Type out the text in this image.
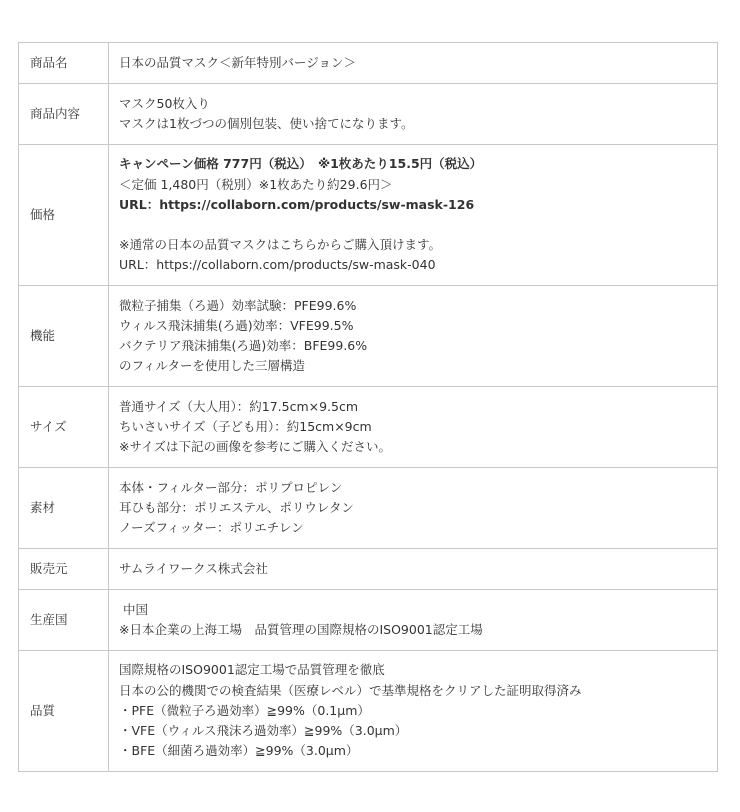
商品名	日本の品質マスク＜新年特別バージョン＞

商品内容	マスク50枚入り
マスクは1枚づつの個別包装、使い捨てになります。

価格	キャンペーン価格 777円（税込）　※1枚あたり15.5円（税込）
＜定価 1,480円（税別）※1枚あたり約29.6円＞
URL：https://collaborn.com/products/sw-mask-126
※通常の日本の品質マスクはこちらからご購入頂けます。
URL：https://collaborn.com/products/sw-mask-040

機能	微粒子捕集（ろ過）効率試験：PFE99.6%
ウィルス飛沫捕集(ろ過)効率：VFE99.5%
バクテリア飛沫捕集(ろ過)効率：BFE99.6%
のフィルターを使用した三層構造

サイズ	普通サイズ（大人用）：約17.5cm×9.5cm
ちいさいサイズ（子ども用）：約15cm×9cm
※サイズは下記の画像を参考にご購入ください。

素材	本体・フィルター部分：ポリプロピレン
耳ひも部分：ポリエステル、ポリウレタン
ノーズフィッター：ポリエチレン

販売元	サムライワークス株式会社

生産国	中国
※日本企業の上海工場　品質管理の国際規格のISO9001認定工場

品質	国際規格のISO9001認定工場で品質管理を徹底
日本の公的機関での検査結果（医療レベル）で基準規格をクリアした証明取得済み
・PFE（微粒子ろ過効率）≧99%（0.1μm）
・VFE（ウィルス飛沫ろ過効率）≧99%（3.0μm）
・BFE（細菌ろ過効率）≧99%（3.0μm）
